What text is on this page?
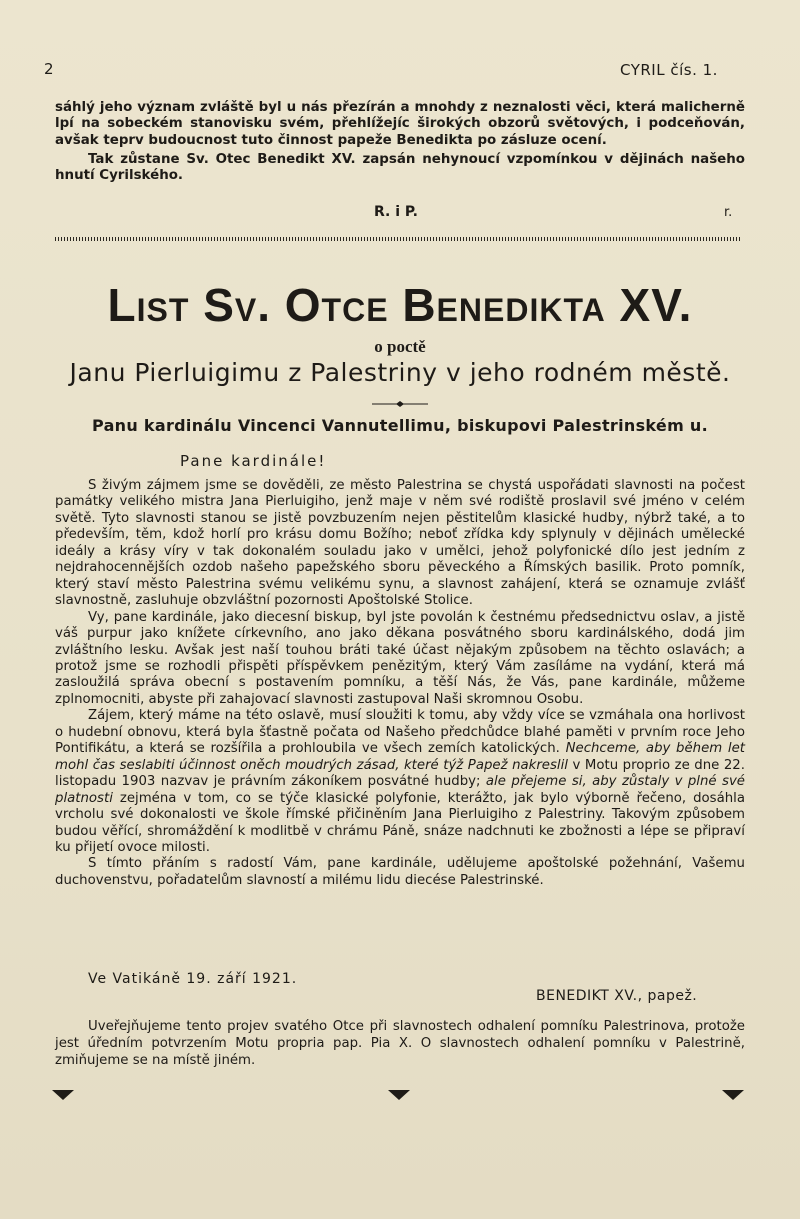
2	CYRIL čís. 1.

sáhlý jeho význam zvláště byl u nás přezírán a mnohdy z neznalosti věci, která malicherně lpí na sobeckém stanovisku svém, přehlížejíc širokých obzorů světových, i podceňován, avšak teprv budoucnost tuto činnost papeže Benedikta po zásluze ocení.

Tak zůstane Sv. Otec Benedikt XV. zapsán nehynoucí vzpomínkou v dějinách našeho hnutí Cyrilského.

R. i P.	r.
List Sv. Otce Benedikta XV.
o poctě
Janu Pierluigimu z Palestriny v jeho rodném městě.
Panu kardinálu Vincenci Vannutellimu, biskupovi Palestrinském u.
Pane kardinále!

S živým zájmem jsme se dověděli, ze město Palestrina se chystá uspořádati slavnosti na počest památky velikého mistra Jana Pierluigiho, jenž maje v něm své rodiště proslavil své jméno v celém světě. Tyto slavnosti stanou se jistě povzbuzením nejen pěstitelům klasické hudby, nýbrž také, a to především, těm, kdož horlí pro krásu domu Božího; neboť zřídka kdy splynuly v dějinách umělecké ideály a krásy víry v tak dokonalém souladu jako v umělci, jehož polyfonické dílo jest jedním z nejdrahocennějších ozdob našeho papežského sboru pěveckého a Římských basilik. Proto pomník, který staví město Palestrina svému velikému synu, a slavnost zahájení, která se oznamuje zvlášť slavnostně, zasluhuje obzvláštní pozornosti Apoštolské Stolice.

Vy, pane kardinále, jako diecesní biskup, byl jste povolán k čestnému předsednictvu oslav, a jistě váš purpur jako knížete církevního, ano jako děkana posvátného sboru kardinálského, dodá jim zvláštního lesku. Avšak jest naší touhou bráti také účast nějakým způsobem na těchto oslavách; a protož jsme se rozhodli přispěti příspěvkem penězitým, který Vám zasíláme na vydání, která má zasloužilá správa obecní s postavením pomníku, a těší Nás, že Vás, pane kardinále, můžeme zplnomocniti, abyste při zahajovací slavnosti zastupoval Naši skromnou Osobu.

Zájem, který máme na této oslavě, musí sloužiti k tomu, aby vždy více se vzmáhala ona horlivost o hudební obnovu, která byla šťastně počata od Našeho předchůdce blahé paměti v prvním roce Jeho Pontifikátu, a která se rozšířila a prohloubila ve všech zemích katolických. Nechceme, aby během let mohl čas seslabiti účinnost oněch moudrých zásad, které týž Papež nakreslil v Motu proprio ze dne 22. listopadu 1903 nazvav je právním zákoníkem posvátné hudby; ale přejeme si, aby zůstaly v plné své platnosti zejména v tom, co se týče klasické polyfonie, kterážto, jak bylo výborně řečeno, dosáhla vrcholu své dokonalosti ve škole římské přičiněním Jana Pierluigiho z Palestriny. Takovým způsobem budou věřící, shromáždění k modlitbě v chrámu Páně, snáze nadchnuti ke zbožnosti a lépe se připraví ku přijetí ovoce milosti.

S tímto přáním s radostí Vám, pane kardinále, udělujeme apoštolské požehnání, Vašemu duchovenstvu, pořadatelům slavností a milému lidu diecése Palestrinské.

Ve Vatikáně 19. září 1921.
BENEDIKT XV., papež.

Uveřejňujeme tento projev svatého Otce při slavnostech odhalení pomníku Palestrinova, protože jest úředním potvrzením Motu propria pap. Pia X. O slavnostech odhalení pomníku v Palestrině, zmiňujeme se na místě jiném.
